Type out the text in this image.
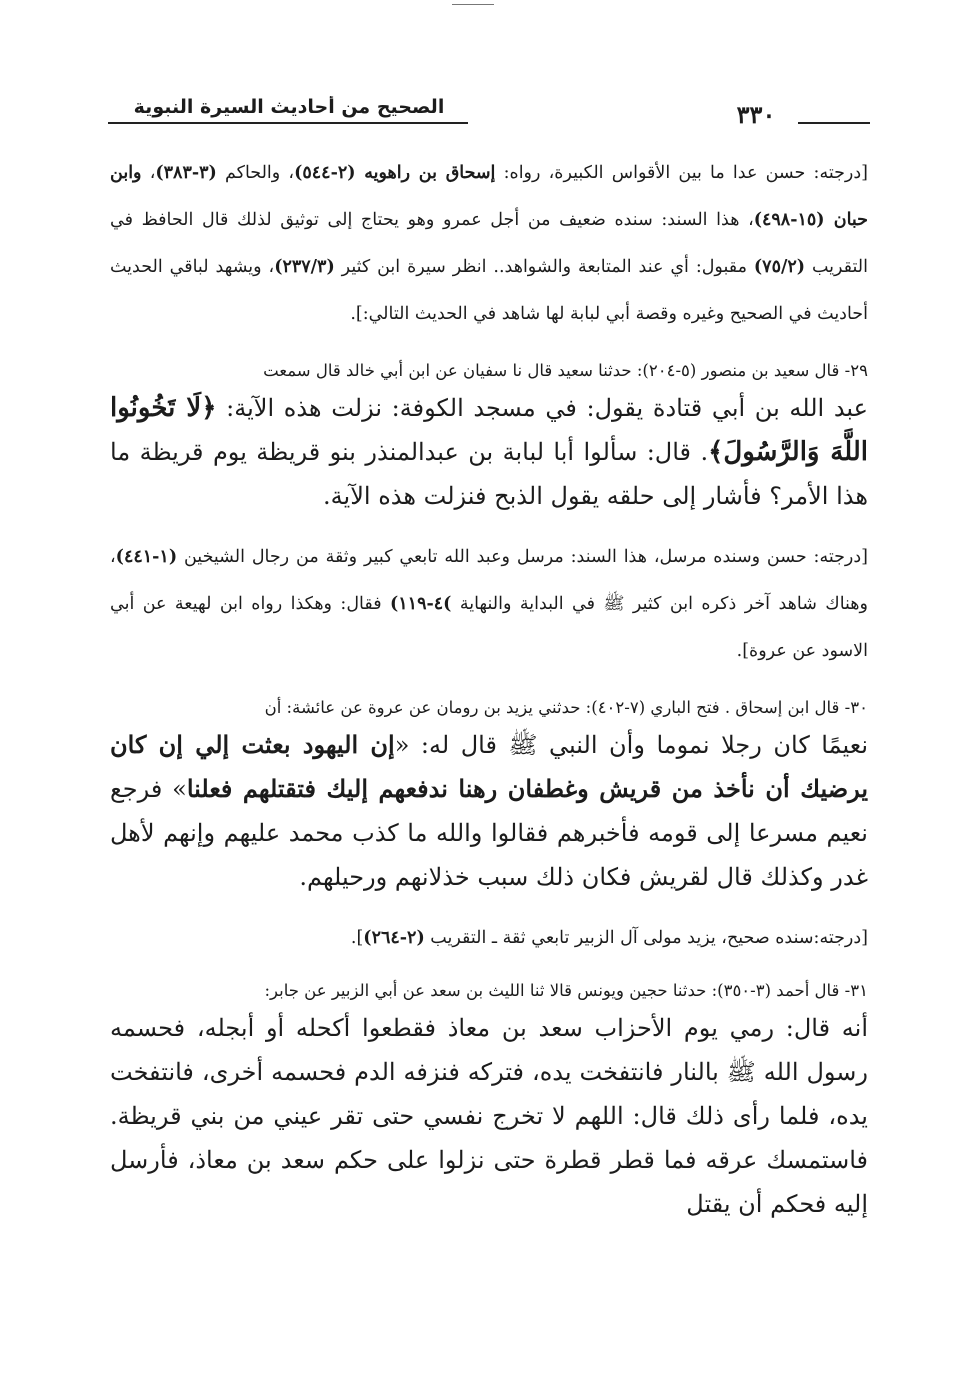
الصحيح من أحاديث السيرة النبوية	٣٣٠

[درجته: حسن عدا ما بين الأقواس الكبيرة، رواه: إسحاق بن راهويه (٢-٥٤٤)، والحاكم (٣-٣٨٣)، وابن حبان (١٥-٤٩٨)، هذا السند: سنده ضعيف من أجل عمرو وهو يحتاج إلى توثيق لذلك قال الحافظ في التقريب (٧٥/٢) مقبول: أي عند المتابعة والشواهد.. انظر سيرة ابن كثير (٢٣٧/٣)، ويشهد لباقي الحديث أحاديث في الصحيح وغيره وقصة أبي لبابة لها شاهد في الحديث التالي:].

٢٩- قال سعيد بن منصور (٥-٢٠٤): حدثنا سعيد قال نا سفيان عن ابن أبي خالد قال سمعت

عبد الله بن أبي قتادة يقول: في مسجد الكوفة: نزلت هذه الآية: ﴿لَا تَخُونُوا اللَّهَ وَالرَّسُولَ﴾. قال: سألوا أبا لبابة بن عبدالمنذر بنو قريظة يوم قريظة ما هذا الأمر؟ فأشار إلى حلقه يقول الذبح فنزلت هذه الآية.

[درجته: حسن وسنده مرسل، هذا السند: مرسل وعبد الله تابعي كبير وثقة من رجال الشيخين (١-٤٤١)، وهناك شاهد آخر ذكره ابن كثير ﷺ في البداية والنهاية )٤-١١٩) فقال: وهكذا رواه ابن لهيعة عن أبي الاسود عن عروة].

٣٠- قال ابن إسحاق . فتح الباري (٧-٤٠٢): حدثني يزيد بن رومان عن عروة عن عائشة: أن

نعيمًا كان رجلا نموما وأن النبي ﷺ قال له: «إن اليهود بعثت إلي إن كان يرضيك أن نأخذ من قريش وغطفان رهنا ندفعهم إليك فتقتلهم فعلنا» فرجع نعيم مسرعا إلى قومه فأخبرهم فقالوا والله ما كذب محمد عليهم وإنهم لأهل غدر وكذلك قال لقريش فكان ذلك سبب خذلانهم ورحيلهم.

[درجته:سنده صحيح، يزيد مولى آل الزبير تابعي ثقة ـ التقريب (٢-٢٦٤)].

٣١- قال أحمد (٣-٣٥٠): حدثنا حجين ويونس قالا ثنا الليث بن سعد عن أبي الزبير عن جابر:

أنه قال: رمي يوم الأحزاب سعد بن معاذ فقطعوا أكحله أو أبجله، فحسمه رسول الله ﷺ بالنار فانتفخت يده، فتركه فنزفه الدم فحسمه أخرى، فانتفخت يده، فلما رأى ذلك قال: اللهم لا تخرج نفسي حتى تقر عيني من بني قريظة. فاستمسك عرقه فما قطر قطرة حتى نزلوا على حكم سعد بن معاذ، فأرسل إليه فحكم أن يقتل
